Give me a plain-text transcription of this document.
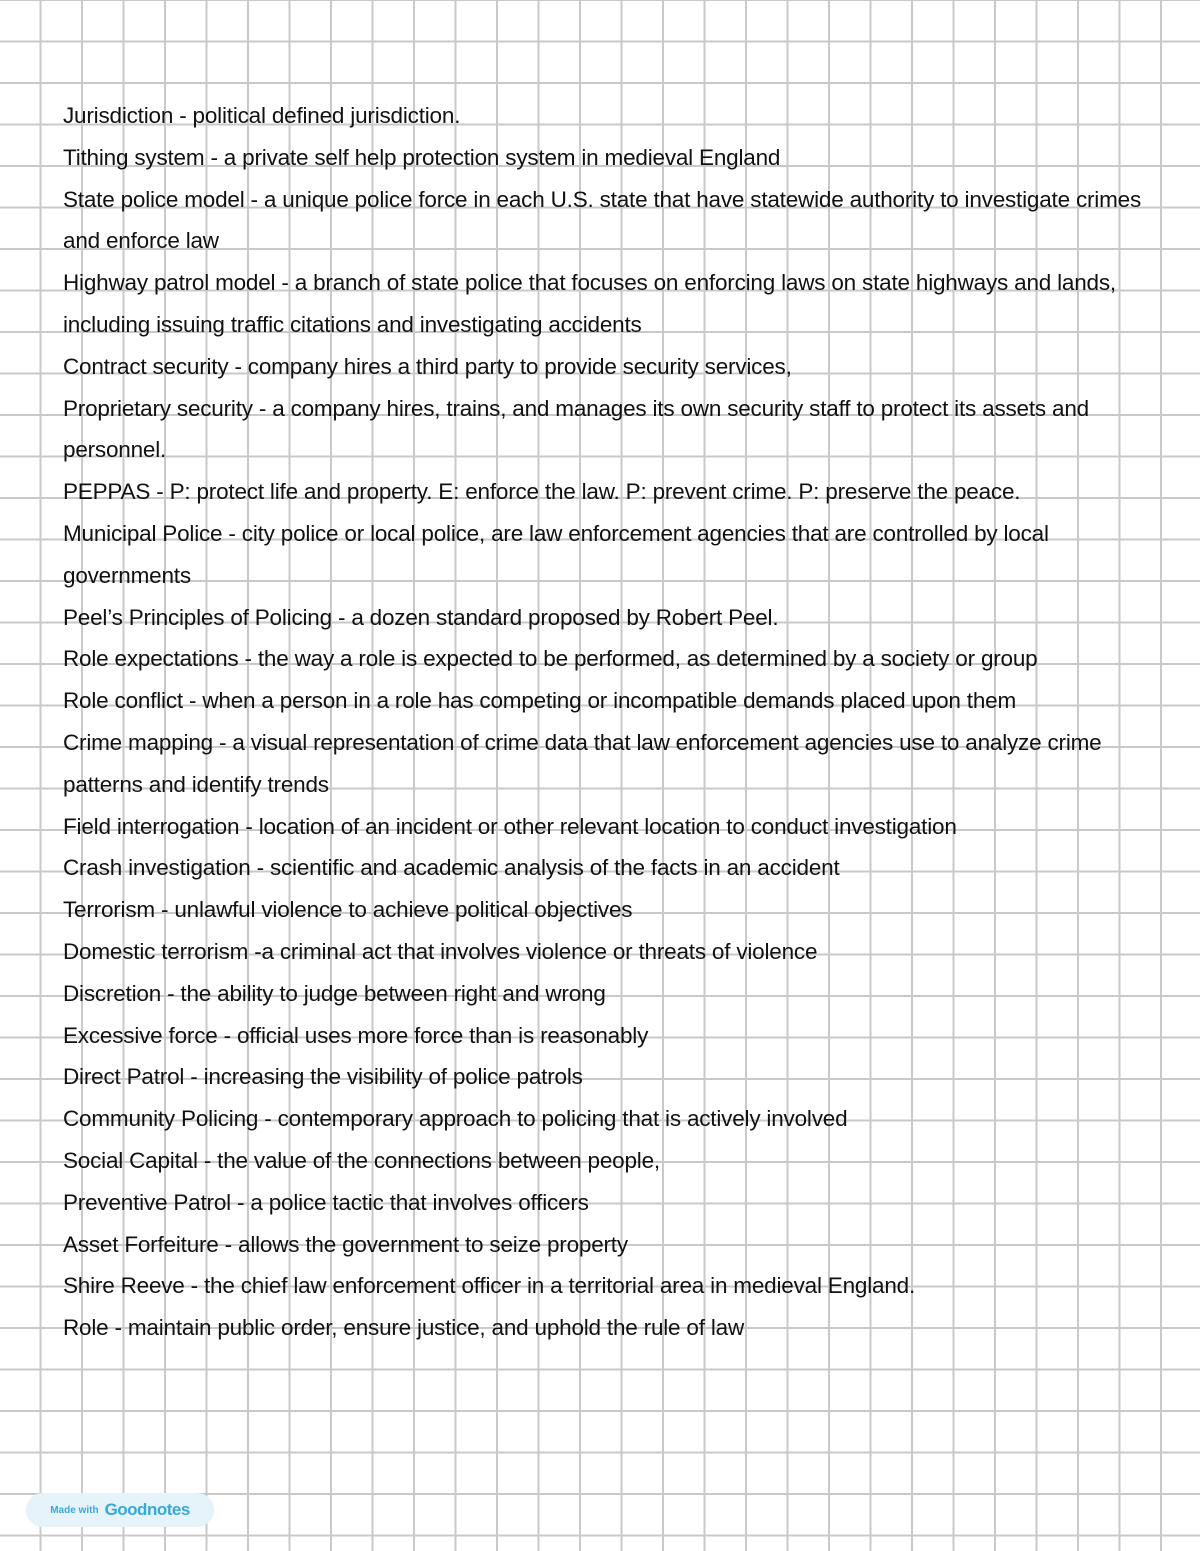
Jurisdiction - political defined jurisdiction.
Tithing system - a private self help protection system in medieval England
State police model - a unique police force in each U.S. state that have statewide authority to investigate crimes and enforce law
Highway patrol model - a branch of state police that focuses on enforcing laws on state highways and lands, including issuing traffic citations and investigating accidents
Contract security - company hires a third party to provide security services,
Proprietary security - a company hires, trains, and manages its own security staff to protect its assets and personnel.
PEPPAS - P: protect life and property. E: enforce the law. P: prevent crime. P: preserve the peace.
Municipal Police - city police or local police, are law enforcement agencies that are controlled by local governments
Peel’s Principles of Policing - a dozen standard proposed by Robert Peel.
Role expectations - the way a role is expected to be performed, as determined by a society or group
Role conflict - when a person in a role has competing or incompatible demands placed upon them
Crime mapping - a visual representation of crime data that law enforcement agencies use to analyze crime patterns and identify trends
Field interrogation - location of an incident or other relevant location to conduct investigation
Crash investigation - scientific and academic analysis of the facts in an accident
Terrorism - unlawful violence to achieve political objectives
Domestic terrorism -a criminal act that involves violence or threats of violence
Discretion - the ability to judge between right and wrong
Excessive force - official uses more force than is reasonably
Direct Patrol - increasing the visibility of police patrols
Community Policing - contemporary approach to policing that is actively involved
Social Capital - the value of the connections between people,
Preventive Patrol - a police tactic that involves officers
Asset Forfeiture - allows the government to seize property
Shire Reeve - the chief law enforcement officer in a territorial area in medieval England.
Role - maintain public order, ensure justice, and uphold the rule of law
Made with Goodnotes
